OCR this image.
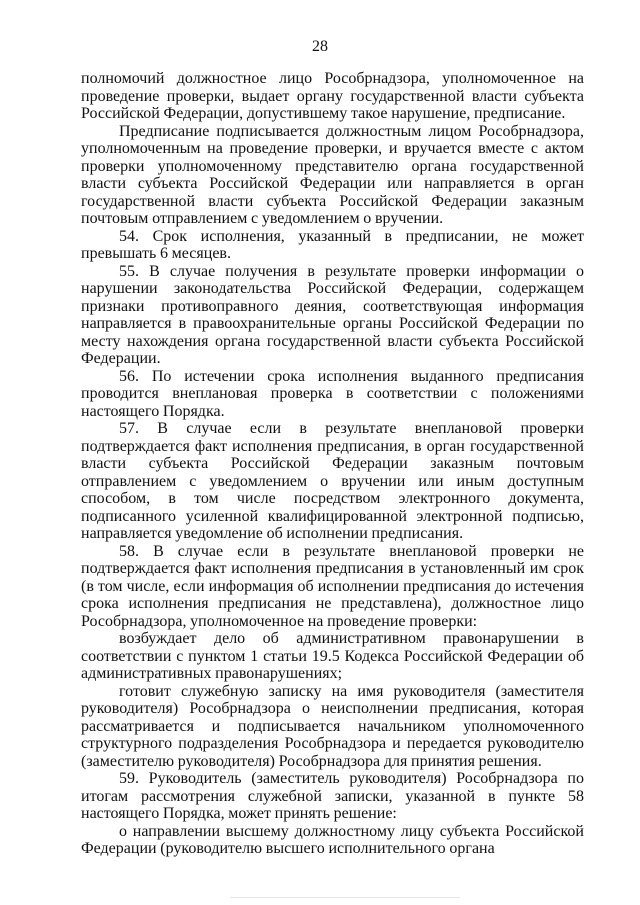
28

полномочий должностное лицо Рособрнадзора, уполномоченное на проведение проверки, выдает органу государственной власти субъекта Российской Федерации, допустившему такое нарушение, предписание.

Предписание подписывается должностным лицом Рособрнадзора, уполномоченным на проведение проверки, и вручается вместе с актом проверки уполномоченному представителю органа государственной власти субъекта Российской Федерации или направляется в орган государственной власти субъекта Российской Федерации заказным почтовым отправлением с уведомлением о вручении.

54. Срок исполнения, указанный в предписании, не может превышать 6 месяцев.

55. В случае получения в результате проверки информации о нарушении законодательства Российской Федерации, содержащем признаки противоправного деяния, соответствующая информация направляется в правоохранительные органы Российской Федерации по месту нахождения органа государственной власти субъекта Российской Федерации.

56. По истечении срока исполнения выданного предписания проводится внеплановая проверка в соответствии с положениями настоящего Порядка.

57. В случае если в результате внеплановой проверки подтверждается факт исполнения предписания, в орган государственной власти субъекта Российской Федерации заказным почтовым отправлением с уведомлением о вручении или иным доступным способом, в том числе посредством электронного документа, подписанного усиленной квалифицированной электронной подписью, направляется уведомление об исполнении предписания.

58. В случае если в результате внеплановой проверки не подтверждается факт исполнения предписания в установленный им срок (в том числе, если информация об исполнении предписания до истечения срока исполнения предписания не представлена), должностное лицо Рособрнадзора, уполномоченное на проведение проверки:

возбуждает дело об административном правонарушении в соответствии с пунктом 1 статьи 19.5 Кодекса Российской Федерации об административных правонарушениях;

готовит служебную записку на имя руководителя (заместителя руководителя) Рособрнадзора о неисполнении предписания, которая рассматривается и подписывается начальником уполномоченного структурного подразделения Рособрнадзора и передается руководителю (заместителю руководителя) Рособрнадзора для принятия решения.

59. Руководитель (заместитель руководителя) Рособрнадзора по итогам рассмотрения служебной записки, указанной в пункте 58 настоящего Порядка, может принять решение:

о направлении высшему должностному лицу субъекта Российской Федерации (руководителю высшего исполнительного органа
